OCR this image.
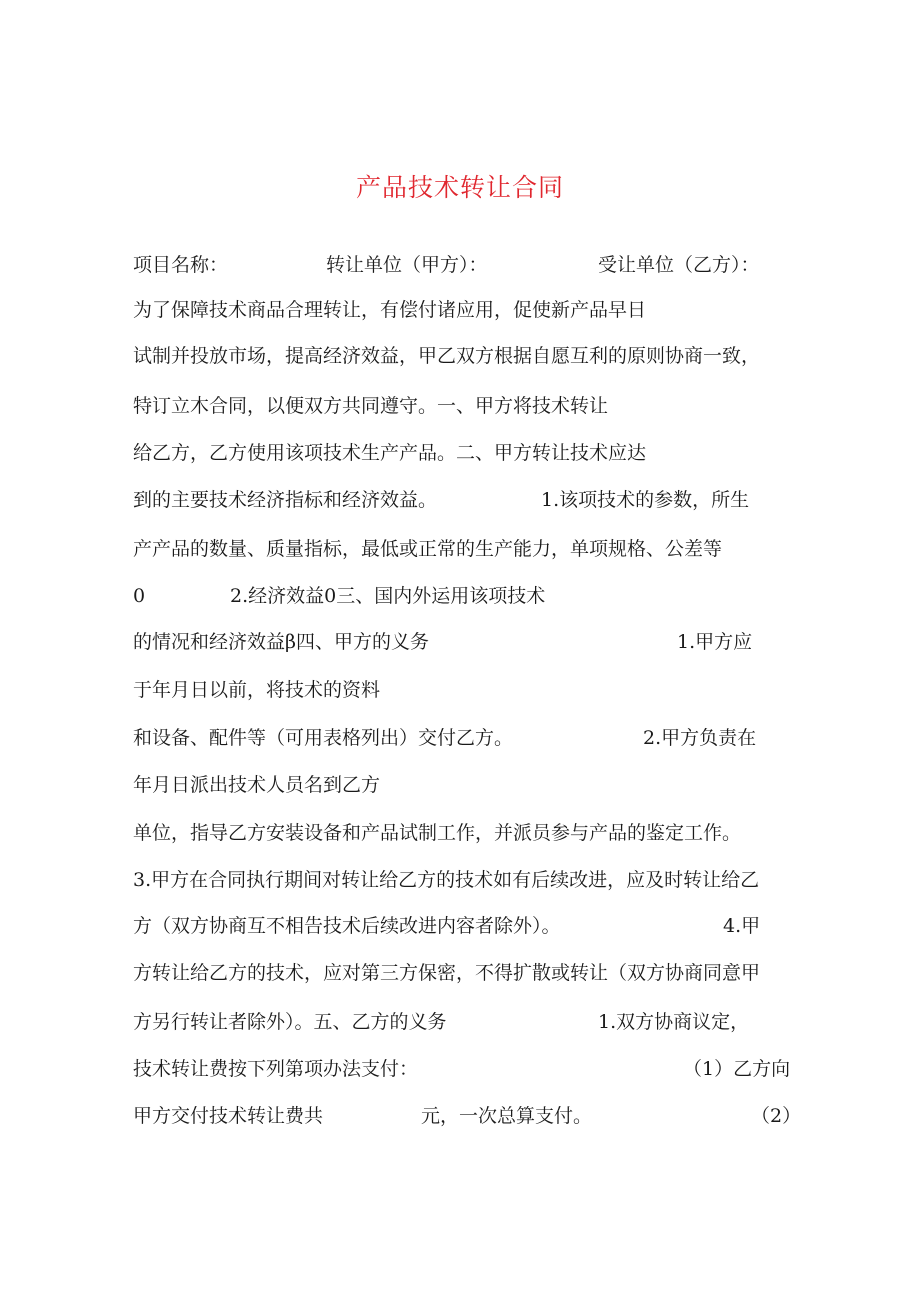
产品技术转让合同
项目名称：	转让单位（甲方）：	受让单位（乙方）：
为了保障技术商品合理转让，有偿付诸应用，促使新产品早日
试制并投放市场，提高经济效益，甲乙双方根据自愿互利的原则协商一致，
特订立木合同，以便双方共同遵守。一、甲方将技术转让
给乙方，乙方使用该项技术生产产品。二、甲方转让技术应达
到的主要技术经济指标和经济效益。	1.该项技术的参数，所生
产产品的数量、质量指标，最低或正常的生产能力，单项规格、公差等
0	2.经济效益0三、国内外运用该项技术
的情况和经济效益β四、甲方的义务	1.甲方应
于年月日以前，将技术的资料
和设备、配件等（可用表格列出）交付乙方。	2.甲方负责在
年月日派出技术人员名到乙方
单位，指导乙方安装设备和产品试制工作，并派员参与产品的鉴定工作。
3.甲方在合同执行期间对转让给乙方的技术如有后续改进，应及时转让给乙
方（双方协商互不相告技术后续改进内容者除外）。	4.甲
方转让给乙方的技术，应对第三方保密，不得扩散或转让（双方协商同意甲
方另行转让者除外）。五、乙方的义务	1.双方协商议定，
技术转让费按下列第项办法支付：	（1）乙方向
甲方交付技术转让费共	元，一次总算支付。	（2）
